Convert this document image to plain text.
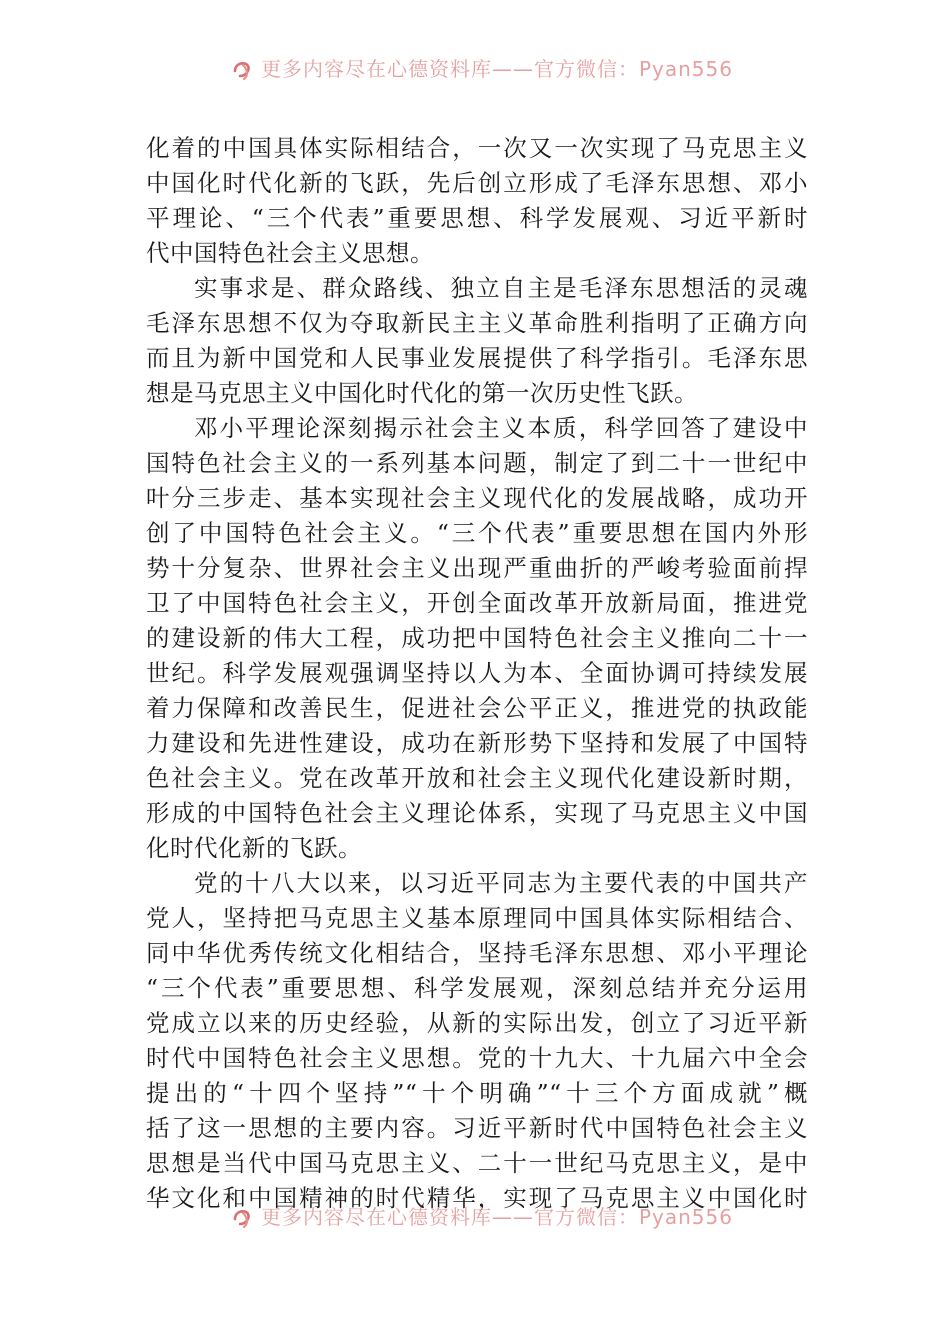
更多内容尽在心德资料库——官方微信：Pyan556
化着的中国具体实际相结合，一次又一次实现了马克思主义
中国化时代化新的飞跃，先后创立形成了毛泽东思想、邓小
平理论、“三个代表”重要思想、科学发展观、习近平新时
代中国特色社会主义思想。
实事求是、群众路线、独立自主是毛泽东思想活的灵魂
毛泽东思想不仅为夺取新民主主义革命胜利指明了正确方向
而且为新中国党和人民事业发展提供了科学指引。毛泽东思
想是马克思主义中国化时代化的第一次历史性飞跃。
邓小平理论深刻揭示社会主义本质，科学回答了建设中
国特色社会主义的一系列基本问题，制定了到二十一世纪中
叶分三步走、基本实现社会主义现代化的发展战略，成功开
创了中国特色社会主义。“三个代表”重要思想在国内外形
势十分复杂、世界社会主义出现严重曲折的严峻考验面前捍
卫了中国特色社会主义，开创全面改革开放新局面，推进党
的建设新的伟大工程，成功把中国特色社会主义推向二十一
世纪。科学发展观强调坚持以人为本、全面协调可持续发展
着力保障和改善民生，促进社会公平正义，推进党的执政能
力建设和先进性建设，成功在新形势下坚持和发展了中国特
色社会主义。党在改革开放和社会主义现代化建设新时期，
形成的中国特色社会主义理论体系，实现了马克思主义中国
化时代化新的飞跃。
党的十八大以来，以习近平同志为主要代表的中国共产
党人，坚持把马克思主义基本原理同中国具体实际相结合、
同中华优秀传统文化相结合，坚持毛泽东思想、邓小平理论
“三个代表”重要思想、科学发展观，深刻总结并充分运用
党成立以来的历史经验，从新的实际出发，创立了习近平新
时代中国特色社会主义思想。党的十九大、十九届六中全会
提出的“十四个坚持”“十个明确”“十三个方面成就”概
括了这一思想的主要内容。习近平新时代中国特色社会主义
思想是当代中国马克思主义、二十一世纪马克思主义，是中
华文化和中国精神的时代精华，实现了马克思主义中国化时
更多内容尽在心德资料库——官方微信：Pyan556
